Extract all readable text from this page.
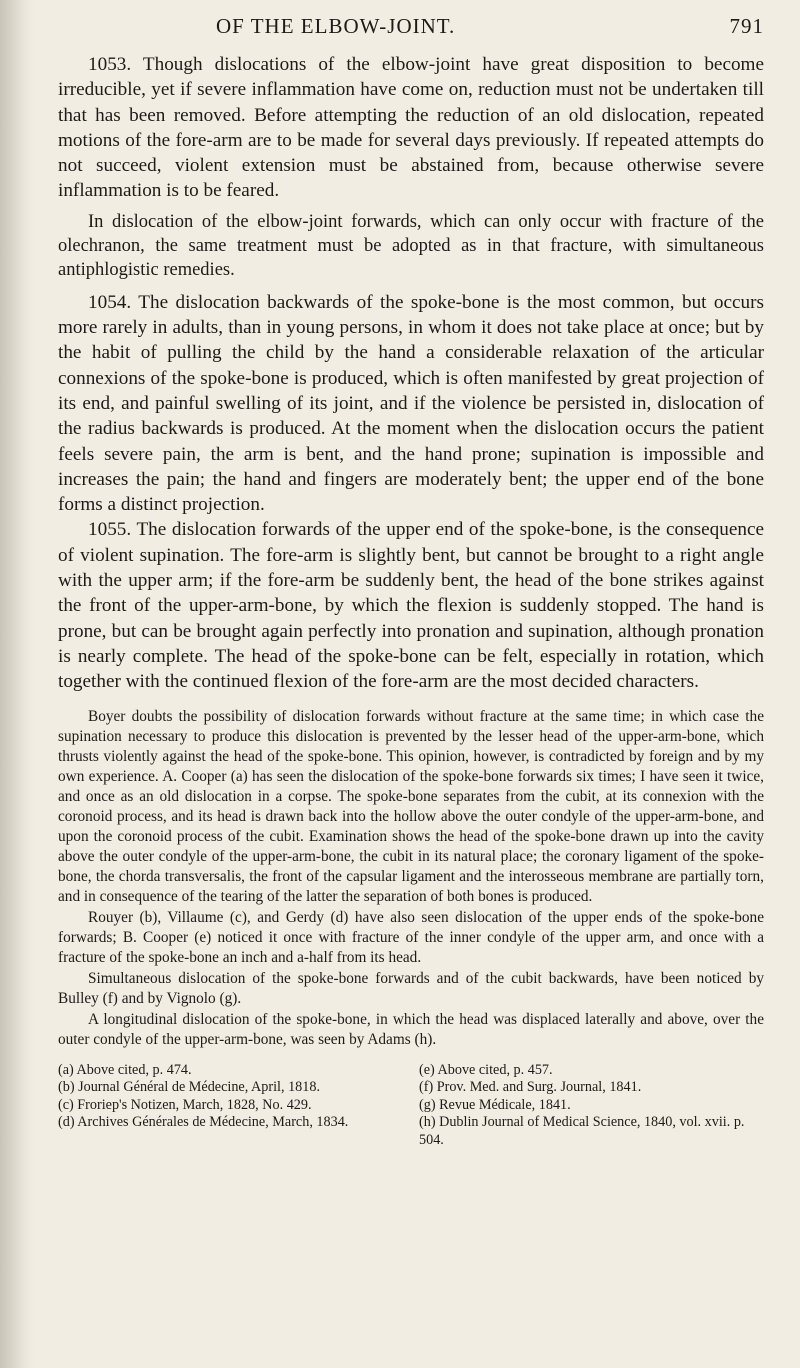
OF THE ELBOW-JOINT.	791

1053. Though dislocations of the elbow-joint have great disposition to become irreducible, yet if severe inflammation have come on, reduction must not be undertaken till that has been removed. Before attempting the reduction of an old dislocation, repeated motions of the fore-arm are to be made for several days previously. If repeated attempts do not succeed, violent extension must be abstained from, because otherwise severe inflammation is to be feared.

In dislocation of the elbow-joint forwards, which can only occur with fracture of the olechranon, the same treatment must be adopted as in that fracture, with simultaneous antiphlogistic remedies.

1054. The dislocation backwards of the spoke-bone is the most common, but occurs more rarely in adults, than in young persons, in whom it does not take place at once; but by the habit of pulling the child by the hand a considerable relaxation of the articular connexions of the spoke-bone is produced, which is often manifested by great projection of its end, and painful swelling of its joint, and if the violence be persisted in, dislocation of the radius backwards is produced. At the moment when the dislocation occurs the patient feels severe pain, the arm is bent, and the hand prone; supination is impossible and increases the pain; the hand and fingers are moderately bent; the upper end of the bone forms a distinct projection.

1055. The dislocation forwards of the upper end of the spoke-bone, is the consequence of violent supination. The fore-arm is slightly bent, but cannot be brought to a right angle with the upper arm; if the fore-arm be suddenly bent, the head of the bone strikes against the front of the upper-arm-bone, by which the flexion is suddenly stopped. The hand is prone, but can be brought again perfectly into pronation and supination, although pronation is nearly complete. The head of the spoke-bone can be felt, especially in rotation, which together with the continued flexion of the fore-arm are the most decided characters.

Boyer doubts the possibility of dislocation forwards without fracture at the same time; in which case the supination necessary to produce this dislocation is prevented by the lesser head of the upper-arm-bone, which thrusts violently against the head of the spoke-bone. This opinion, however, is contradicted by foreign and by my own experience. A. Cooper (a) has seen the dislocation of the spoke-bone forwards six times; I have seen it twice, and once as an old dislocation in a corpse. The spoke-bone separates from the cubit, at its connexion with the coronoid process, and its head is drawn back into the hollow above the outer condyle of the upper-arm-bone, and upon the coronoid process of the cubit. Examination shows the head of the spoke-bone drawn up into the cavity above the outer condyle of the upper-arm-bone, the cubit in its natural place; the coronary ligament of the spoke-bone, the chorda transversalis, the front of the capsular ligament and the interosseous membrane are partially torn, and in consequence of the tearing of the latter the separation of both bones is produced.

Rouyer (b), Villaume (c), and Gerdy (d) have also seen dislocation of the upper ends of the spoke-bone forwards; B. Cooper (e) noticed it once with fracture of the inner condyle of the upper arm, and once with a fracture of the spoke-bone an inch and a-half from its head.

Simultaneous dislocation of the spoke-bone forwards and of the cubit backwards, have been noticed by Bulley (f) and by Vignolo (g).

A longitudinal dislocation of the spoke-bone, in which the head was displaced laterally and above, over the outer condyle of the upper-arm-bone, was seen by Adams (h).

(a) Above cited, p. 474.
(b) Journal Général de Médecine, April, 1818.
(c) Froriep's Notizen, March, 1828, No. 429.
(d) Archives Générales de Médecine, March, 1834.
(e) Above cited, p. 457.
(f) Prov. Med. and Surg. Journal, 1841.
(g) Revue Médicale, 1841.
(h) Dublin Journal of Medical Science, 1840, vol. xvii. p. 504.
